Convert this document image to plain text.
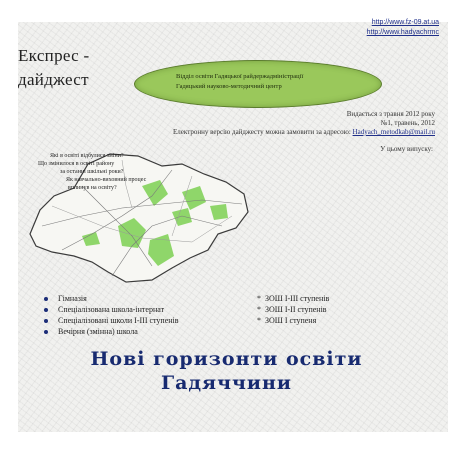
http://www.fz-09.at.ua
http://www.hadyachrmc
Експрес -
дайджест	Відділ освіти Гадяцької райдержадміністрації
Гадяцький науково-методичний центр
Видається з травня 2012 року
№1, травень, 2012
Електронну версію дайджесту можна замовити за адресою: Hadyach_metodkab@mail.ru
У цьому випуску:
Які в освіті відбулися зміни?
Що змінилося в освіті району
за останні шкільні роки?
Як навчально-виховний процес
вплинув на освіту?
Гімназія
Спеціалізована школа-інтернат
Спеціалізовані школи І-ІІІ ступенів
Вечірня (змінна) школа
* ЗОШ І-ІІІ ступенів
* ЗОШ І-ІІ ступенів
* ЗОШ І ступеня
Нові горизонти освіти
Гадяччини
